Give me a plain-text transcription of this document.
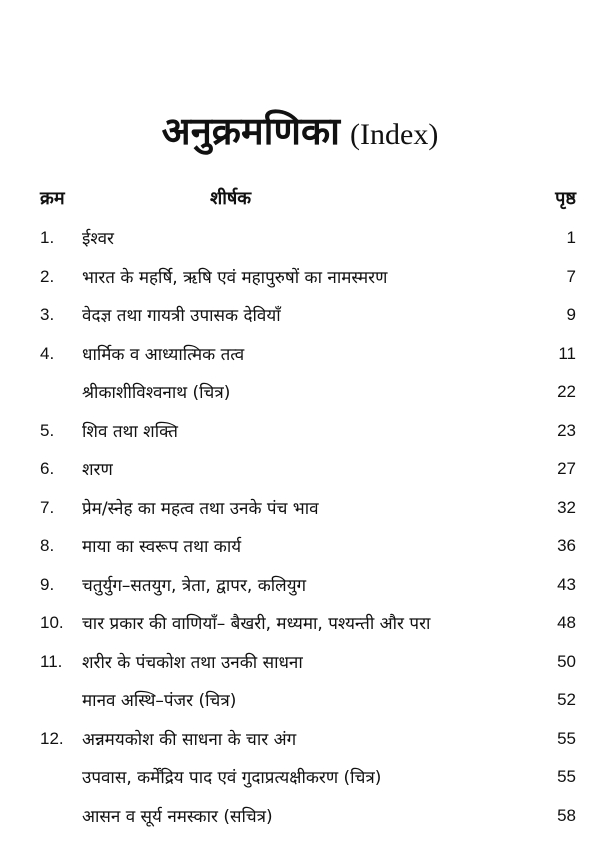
अनुक्रमणिका (Index)
क्रम	शीर्षक	पृष्ठ
1. ईश्वर	1
2. भारत के महर्षि, ऋषि एवं महापुरुषों का नामस्मरण	7
3. वेदज्ञ तथा गायत्री उपासक देवियाँ	9
4. धार्मिक व आध्यात्मिक तत्व	11
श्रीकाशीविश्वनाथ (चित्र)	22
5. शिव तथा शक्ति	23
6. शरण	27
7. प्रेम/स्नेह का महत्व तथा उनके पंच भाव	32
8. माया का स्वरूप तथा कार्य	36
9. चतुर्युग–सतयुग, त्रेता, द्वापर, कलियुग	43
10. चार प्रकार की वाणियाँ– बैखरी, मध्यमा, पश्यन्ती और परा	48
11. शरीर के पंचकोश तथा उनकी साधना	50
मानव अस्थि–पंजर (चित्र)	52
12. अन्नमयकोश की साधना के चार अंग	55
उपवास, कर्मेंद्रिय पाद एवं गुदाप्रत्यक्षीकरण (चित्र)	55
आसन व सूर्य नमस्कार (सचित्र)	58
